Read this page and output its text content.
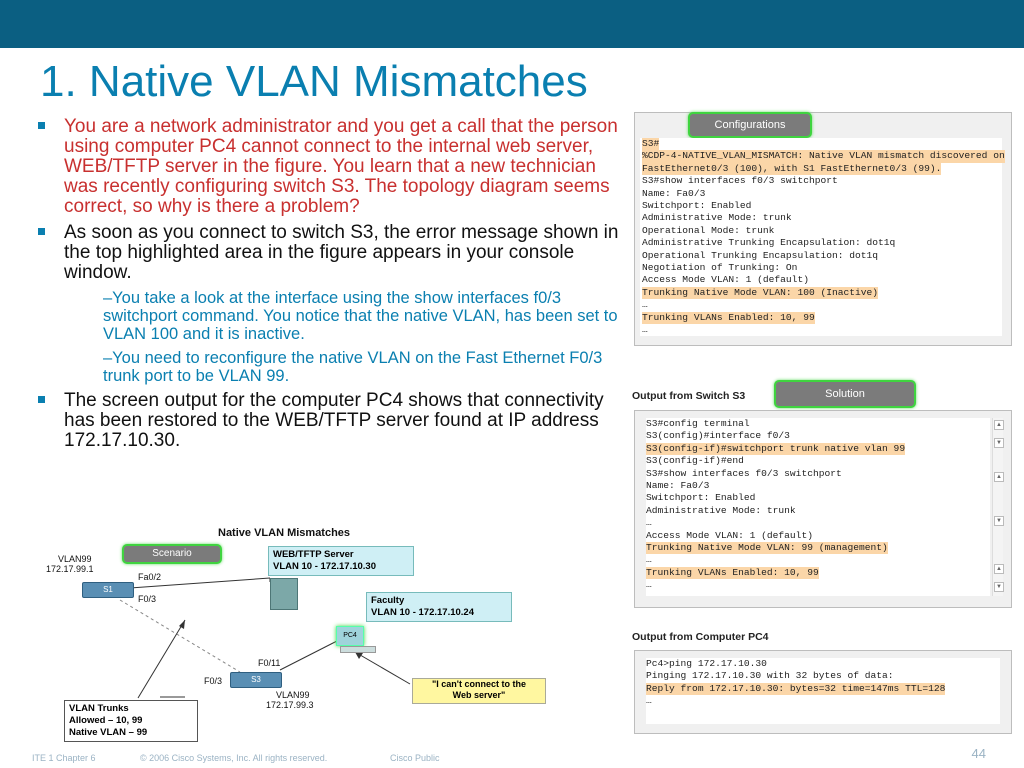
1. Native VLAN Mismatches
You are a network administrator and you get a call that the person using computer PC4 cannot connect to the internal web server, WEB/TFTP server in the figure. You learn that a new technician was recently configuring switch S3. The topology diagram seems correct, so why is there a problem?
As soon as you connect to switch S3, the error message shown in the top highlighted area in the figure appears in your console window.
–You take a look at the interface using the show interfaces f0/3 switchport command. You notice that the native VLAN, has been set to VLAN 100 and it is inactive.
–You need to reconfigure the native VLAN on the Fast Ethernet F0/3 trunk port to be VLAN 99.
The screen output for the computer PC4 shows that connectivity has been restored to the WEB/TFTP server found at IP address 172.17.10.30.
Configurations
S3#
%CDP-4-NATIVE_VLAN_MISMATCH: Native VLAN mismatch discovered on
FastEthernet0/3 (100), with S1 FastEthernet0/3 (99).
S3#show interfaces f0/3 switchport
Name: Fa0/3
Switchport: Enabled
Administrative Mode: trunk
Operational Mode: trunk
Administrative Trunking Encapsulation: dot1q
Operational Trunking Encapsulation: dot1q
Negotiation of Trunking: On
Access Mode VLAN: 1 (default)
Trunking Native Mode VLAN: 100 (Inactive)
…
Trunking VLANs Enabled: 10, 99
…
Output from Switch S3	Solution
S3#config terminal
S3(config)#interface f0/3
S3(config-if)#switchport trunk native vlan 99
S3(config-if)#end
S3#show interfaces f0/3 switchport
Name: Fa0/3
Switchport: Enabled
Administrative Mode: trunk
…
Access Mode VLAN: 1 (default)
Trunking Native Mode VLAN: 99 (management)
…
Trunking VLANs Enabled: 10, 99
…
▲
▼
▲
▼
▲
▼
Output from Computer PC4
Pc4>ping 172.17.10.30
Pinging 172.17.10.30 with 32 bytes of data:
Reply from 172.17.10.30: bytes=32 time=147ms TTL=128
…
Native VLAN Mismatches
Scenario
VLAN99
172.17.99.1
S1
Fa0/2
F0/3
WEB/TFTP Server
VLAN 10 - 172.17.10.30
Faculty
VLAN 10 - 172.17.10.24
PC4
F0/11
F0/3	S3
VLAN99
172.17.99.3
"I can't connect to the
Web server"
VLAN Trunks
Allowed – 10, 99
Native VLAN – 99
ITE 1 Chapter 6	© 2006 Cisco Systems, Inc. All rights reserved.	Cisco Public	44
